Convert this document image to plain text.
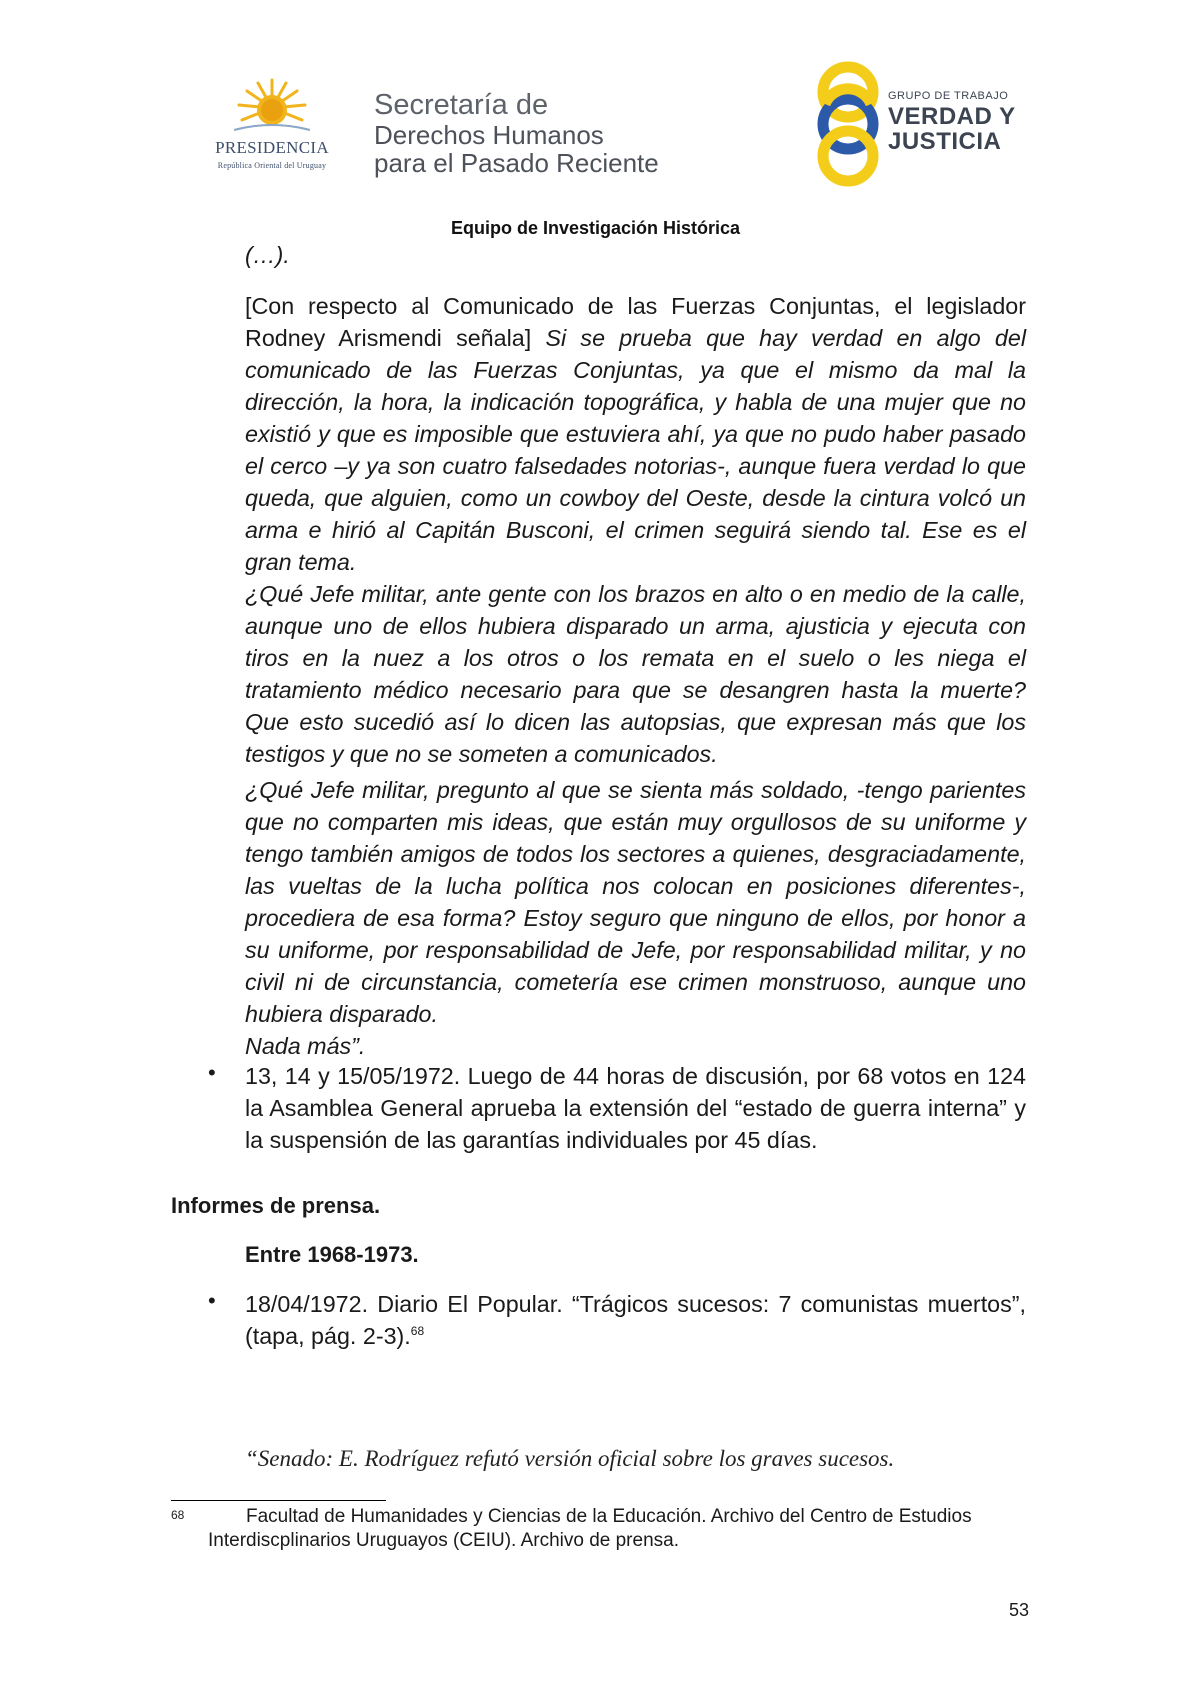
PRESIDENCIA
República Oriental del Uruguay
Secretaría de
Derechos Humanos
para el Pasado Reciente
GRUPO DE TRABAJO
VERDAD Y
JUSTICIA
Equipo de Investigación Histórica
(…).

[Con respecto al Comunicado de las Fuerzas Conjuntas, el legislador Rodney Arismendi señala] Si se prueba que hay verdad en algo del comunicado de las Fuerzas Conjuntas, ya que el mismo da mal la dirección, la hora, la indicación topográfica, y habla de una mujer que no existió y que es imposible que estuviera ahí, ya que no pudo haber pasado el cerco –y ya son cuatro falsedades notorias-, aunque fuera verdad lo que queda, que alguien, como un cowboy del Oeste, desde la cintura volcó un arma e hirió al Capitán Busconi, el crimen seguirá siendo tal. Ese es el gran tema.

¿Qué Jefe militar, ante gente con los brazos en alto o en medio de la calle, aunque uno de ellos hubiera disparado un arma, ajusticia y ejecuta con tiros en la nuez a los otros o los remata en el suelo o les niega el tratamiento médico necesario para que se desangren hasta la muerte? Que esto sucedió así lo dicen las autopsias, que expresan más que los testigos y que no se someten a comunicados.

¿Qué Jefe militar, pregunto al que se sienta más soldado, -tengo parientes que no comparten mis ideas, que están muy orgullosos de su uniforme y tengo también amigos de todos los sectores a quienes, desgraciadamente, las vueltas de la lucha política nos colocan en posiciones diferentes-, procediera de esa forma? Estoy seguro que ninguno de ellos, por honor a su uniforme, por responsabilidad de Jefe, por responsabilidad militar, y no civil ni de circunstancia, cometería ese crimen monstruoso, aunque uno hubiera disparado.

Nada más”.

• 13, 14 y 15/05/1972. Luego de 44 horas de discusión, por 68 votos en 124 la Asamblea General aprueba la extensión del “estado de guerra interna” y la suspensión de las garantías individuales por 45 días.

Informes de prensa.
Entre 1968-1973.
• 18/04/1972. Diario El Popular. “Trágicos sucesos: 7 comunistas muertos”, (tapa, pág. 2-3).$^{68}$

“Senado: E. Rodríguez refutó versión oficial sobre los graves sucesos.
68	Facultad de Humanidades y Ciencias de la Educación. Archivo del Centro de Estudios
Interdiscplinarios Uruguayos (CEIU). Archivo de prensa.
53
